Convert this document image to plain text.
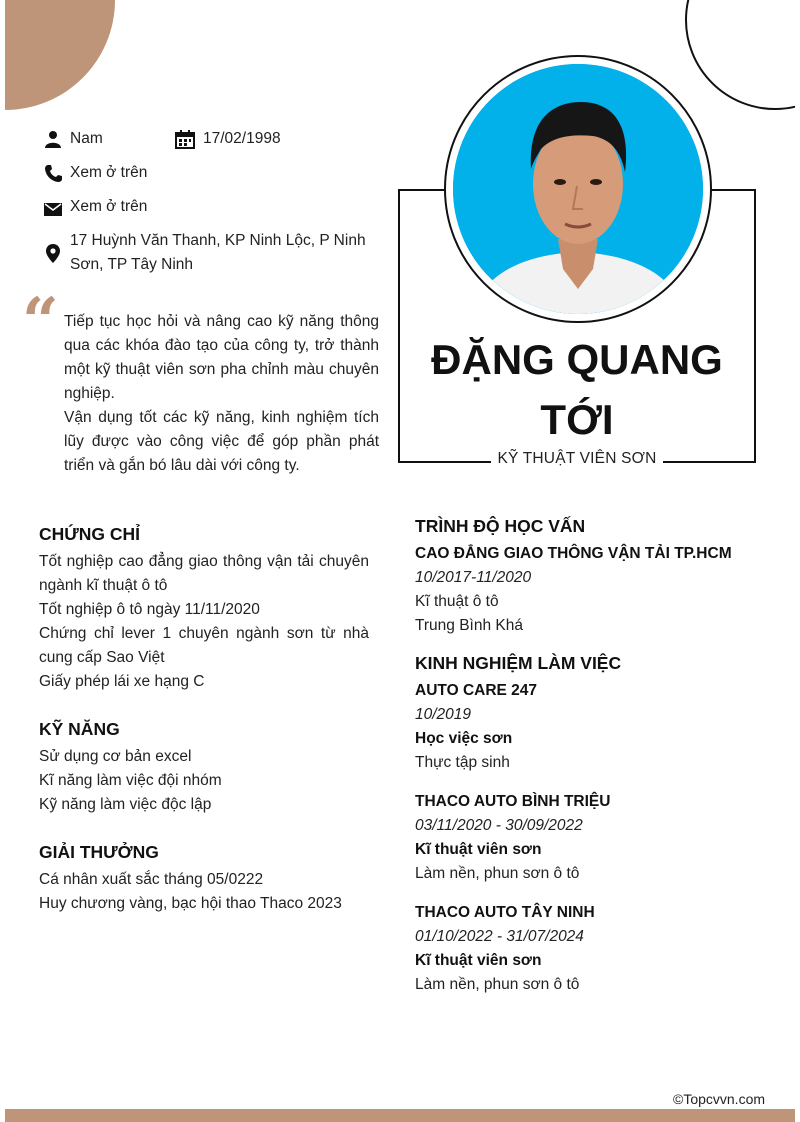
Nam	17/02/1998
Xem ở trên
Xem ở trên
17 Huỳnh Văn Thanh, KP Ninh Lộc, P Ninh
Sơn, TP Tây Ninh
“ Tiếp tục học hỏi và nâng cao kỹ năng thông qua các khóa đào tạo của công ty, trở thành một kỹ thuật viên sơn pha chỉnh màu chuyên nghiệp.

Vận dụng tốt các kỹ năng, kinh nghiệm tích lũy được vào công việc để góp phần phát triển và gắn bó lâu dài với công ty.

ĐẶNG QUANG
TỚI
KỸ THUẬT VIÊN SƠN
CHỨNG CHỈ
Tốt nghiệp cao đẳng giao thông vận tải chuyên ngành kĩ thuật ô tô
Tốt nghiệp ô tô ngày 11/11/2020
Chứng chỉ lever 1 chuyên ngành sơn từ nhà cung cấp Sao Việt
Giấy phép lái xe hạng C
KỸ NĂNG
Sử dụng cơ bản excel
Kĩ năng làm việc đội nhóm
Kỹ năng làm việc độc lập
GIẢI THƯỞNG
Cá nhân xuất sắc tháng 05/0222
Huy chương vàng, bạc hội thao Thaco 2023
TRÌNH ĐỘ HỌC VẤN
CAO ĐẲNG GIAO THÔNG VẬN TẢI TP.HCM
10/2017-11/2020
Kĩ thuật ô tô
Trung Bình Khá
KINH NGHIỆM LÀM VIỆC
AUTO CARE 247
10/2019
Học việc sơn
Thực tập sinh
THACO AUTO BÌNH TRIỆU
03/11/2020 - 30/09/2022
Kĩ thuật viên sơn
Làm nền, phun sơn ô tô
THACO AUTO TÂY NINH
01/10/2022 - 31/07/2024
Kĩ thuật viên sơn
Làm nền, phun sơn ô tô
©Topcvvn.com
